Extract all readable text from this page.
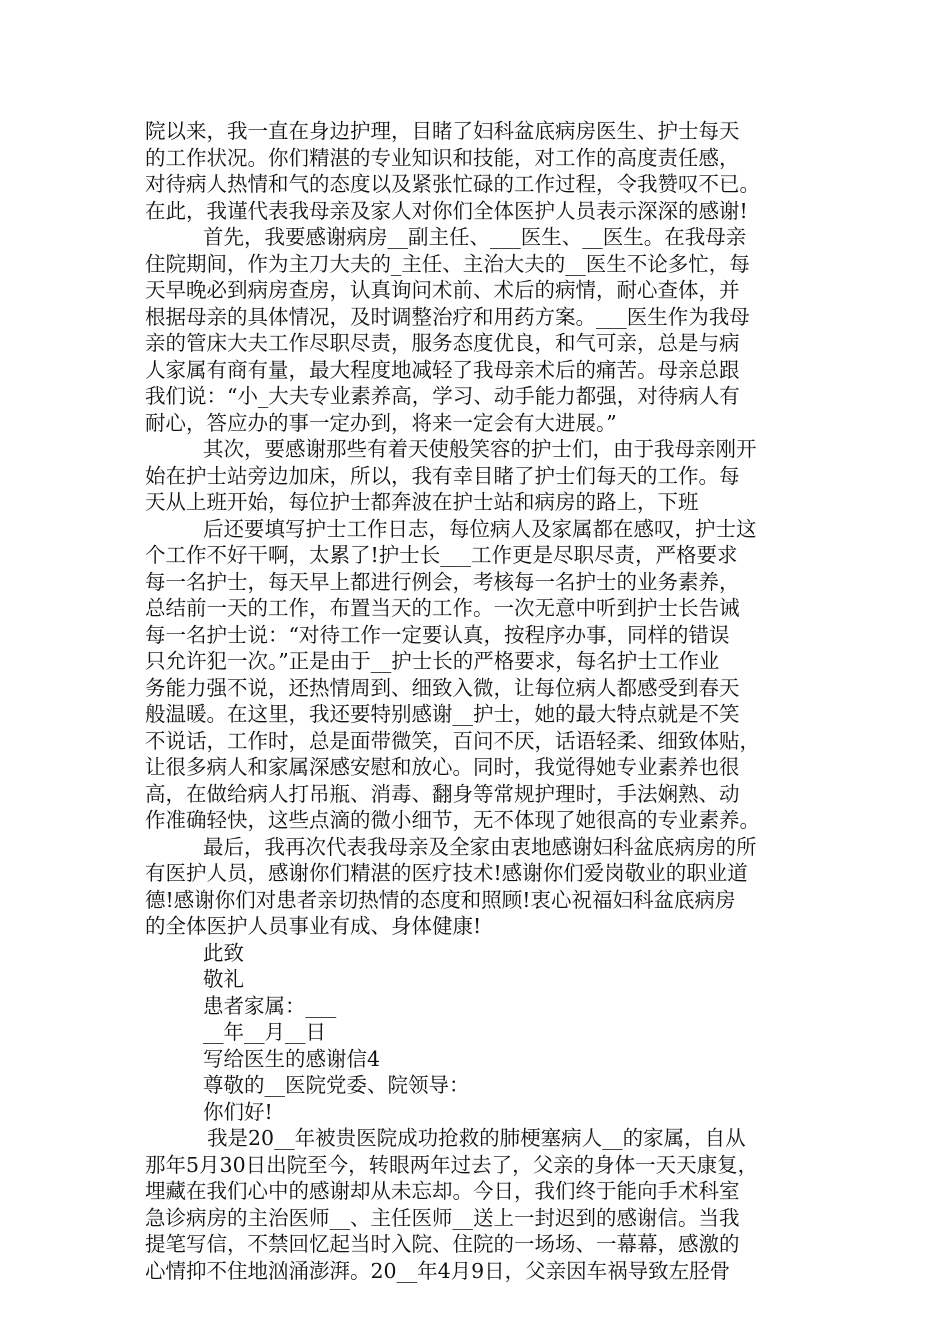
院以来，我一直在身边护理，目睹了妇科盆底病房医生、护士每天
的工作状况。你们精湛的专业知识和技能，对工作的高度责任感，
对待病人热情和气的态度以及紧张忙碌的工作过程，令我赞叹不已。
在此，我谨代表我母亲及家人对你们全体医护人员表示深深的感谢!
首先，我要感谢病房__副主任、___医生、__医生。在我母亲
住院期间，作为主刀大夫的_主任、主治大夫的__医生不论多忙，每
天早晚必到病房查房，认真询问术前、术后的病情，耐心查体，并
根据母亲的具体情况，及时调整治疗和用药方案。___医生作为我母
亲的管床大夫工作尽职尽责，服务态度优良，和气可亲，总是与病
人家属有商有量，最大程度地减轻了我母亲术后的痛苦。母亲总跟
我们说：“小_大夫专业素养高，学习、动手能力都强，对待病人有
耐心，答应办的事一定办到，将来一定会有大进展。”
其次，要感谢那些有着天使般笑容的护士们，由于我母亲刚开
始在护士站旁边加床，所以，我有幸目睹了护士们每天的工作。每
天从上班开始，每位护士都奔波在护士站和病房的路上，下班
后还要填写护士工作日志，每位病人及家属都在感叹，护士这
个工作不好干啊，太累了!护士长___工作更是尽职尽责，严格要求
每一名护士，每天早上都进行例会，考核每一名护士的业务素养，
总结前一天的工作，布置当天的工作。一次无意中听到护士长告诫
每一名护士说：“对待工作一定要认真，按程序办事，同样的错误
只允许犯一次。”正是由于__护士长的严格要求，每名护士工作业
务能力强不说，还热情周到、细致入微，让每位病人都感受到春天
般温暖。在这里，我还要特别感谢__护士，她的最大特点就是不笑
不说话，工作时，总是面带微笑，百问不厌，话语轻柔、细致体贴，
让很多病人和家属深感安慰和放心。同时，我觉得她专业素养也很
高，在做给病人打吊瓶、消毒、翻身等常规护理时，手法娴熟、动
作准确轻快，这些点滴的微小细节，无不体现了她很高的专业素养。
最后，我再次代表我母亲及全家由衷地感谢妇科盆底病房的所
有医护人员，感谢你们精湛的医疗技术!感谢你们爱岗敬业的职业道
德!感谢你们对患者亲切热情的态度和照顾!衷心祝福妇科盆底病房
的全体医护人员事业有成、身体健康!
此致
敬礼
患者家属：___
__年__月__日
写给医生的感谢信4
尊敬的__医院党委、院领导：
你们好!
我是20__年被贵医院成功抢救的肺梗塞病人__的家属，自从
那年5月30日出院至今，转眼两年过去了，父亲的身体一天天康复，
埋藏在我们心中的感谢却从未忘却。今日，我们终于能向手术科室
急诊病房的主治医师__、主任医师__送上一封迟到的感谢信。当我
提笔写信，不禁回忆起当时入院、住院的一场场、一幕幕，感激的
心情抑不住地汹涌澎湃。20__年4月9日，父亲因车祸导致左胫骨
